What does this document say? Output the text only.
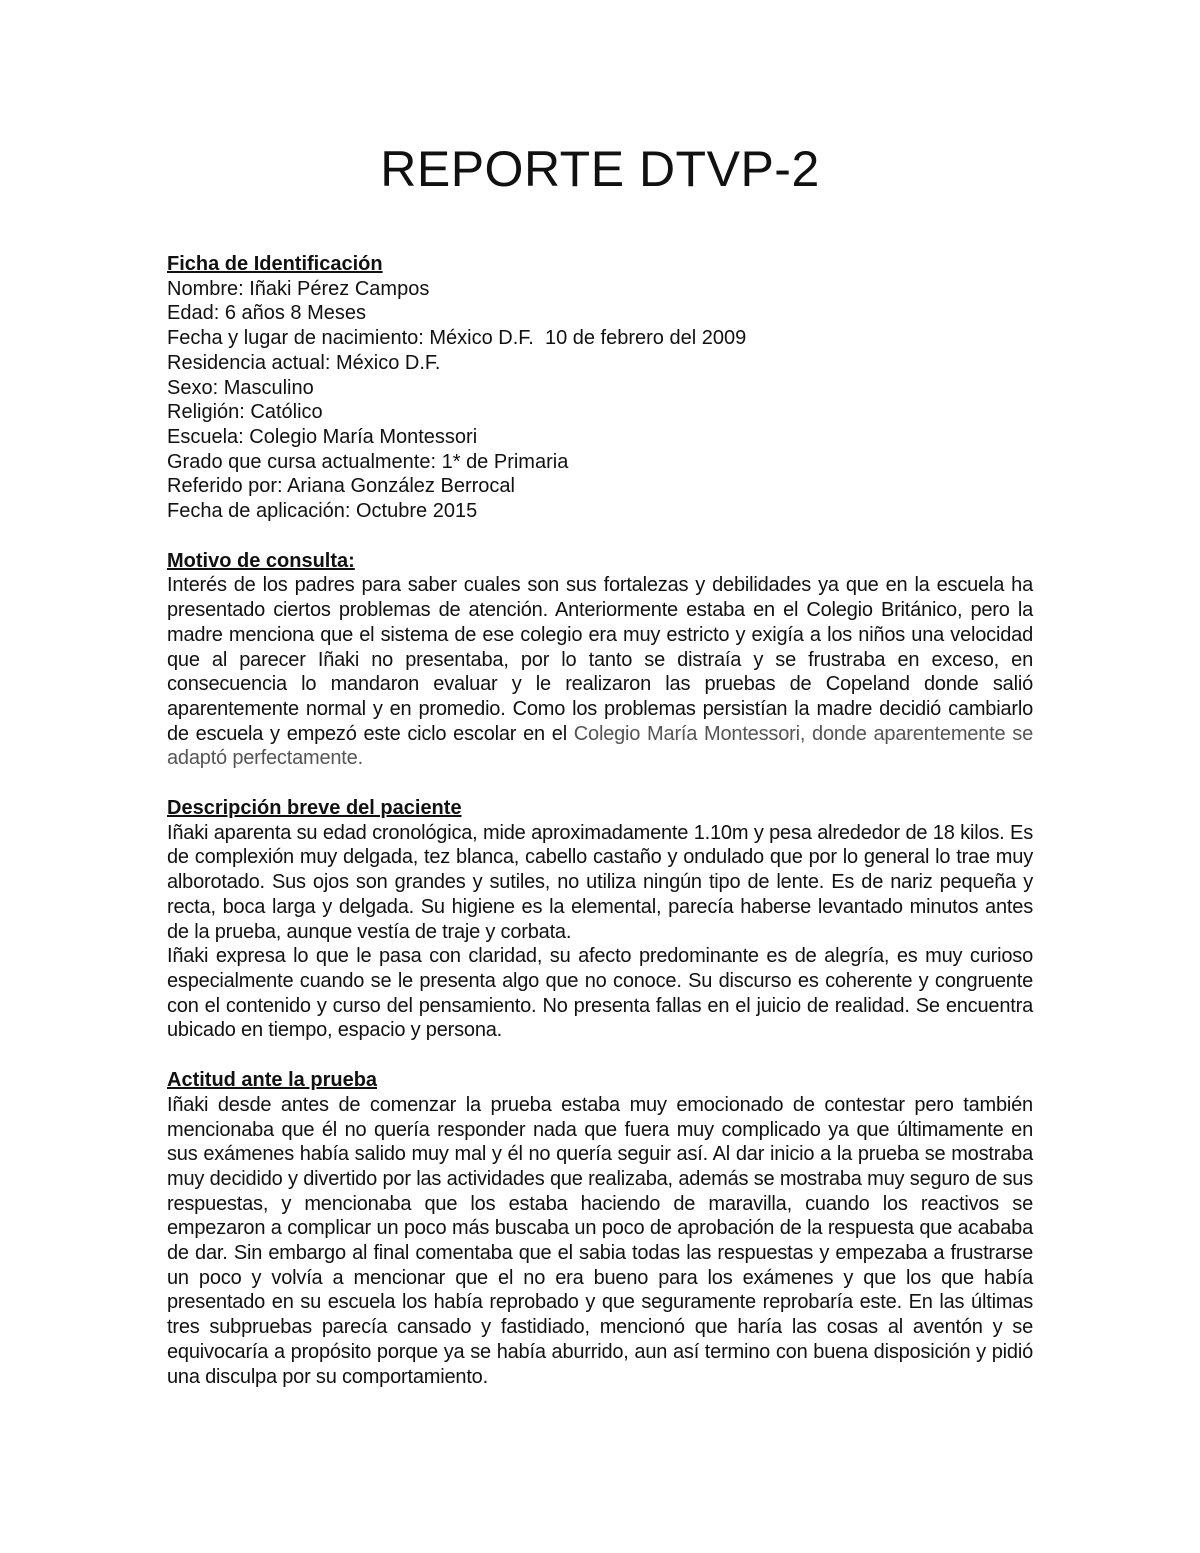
REPORTE DTVP-2
Ficha de Identificación
Nombre: Iñaki Pérez Campos
Edad: 6 años 8 Meses
Fecha y lugar de nacimiento: México D.F.  10 de febrero del 2009
Residencia actual: México D.F.
Sexo: Masculino
Religión: Católico
Escuela: Colegio María Montessori
Grado que cursa actualmente: 1* de Primaria
Referido por: Ariana González Berrocal
Fecha de aplicación: Octubre 2015
Motivo de consulta:

Interés de los padres para saber cuales son sus fortalezas y debilidades ya que en la escuela ha presentado ciertos problemas de atención. Anteriormente estaba en el Colegio Británico, pero la madre menciona que el sistema de ese colegio era muy estricto y exigía a los niños una velocidad que al parecer Iñaki no presentaba, por lo tanto se distraía y se frustraba en exceso, en consecuencia lo mandaron evaluar y le realizaron las pruebas de Copeland donde salió aparentemente normal y en promedio. Como los problemas persistían la madre decidió cambiarlo de escuela y empezó este ciclo escolar en el Colegio María Montessori, donde aparentemente se adaptó perfectamente.

Descripción breve del paciente

Iñaki aparenta su edad cronológica, mide aproximadamente 1.10m y pesa alrededor de 18 kilos. Es de complexión muy delgada, tez blanca, cabello castaño y ondulado que por lo general lo trae muy alborotado. Sus ojos son grandes y sutiles, no utiliza ningún tipo de lente. Es de nariz pequeña y recta, boca larga y delgada. Su higiene es la elemental, parecía haberse levantado minutos antes de la prueba, aunque vestía de traje y corbata.

Iñaki expresa lo que le pasa con claridad, su afecto predominante es de alegría, es muy curioso especialmente cuando se le presenta algo que no conoce. Su discurso es coherente y congruente con el contenido y curso del pensamiento. No presenta fallas en el juicio de realidad. Se encuentra ubicado en tiempo, espacio y persona.

Actitud ante la prueba

Iñaki desde antes de comenzar la prueba estaba muy emocionado de contestar pero también mencionaba que él no quería responder nada que fuera muy complicado ya que últimamente en sus exámenes había salido muy mal y él no quería seguir así. Al dar inicio a la prueba se mostraba muy decidido y divertido por las actividades que realizaba, además se mostraba muy seguro de sus respuestas, y mencionaba que los estaba haciendo de maravilla, cuando los reactivos se empezaron a complicar un poco más buscaba un poco de aprobación de la respuesta que acababa de dar. Sin embargo al final comentaba que el sabia todas las respuestas y empezaba a frustrarse un poco y volvía a mencionar que el no era bueno para los exámenes y que los que había presentado en su escuela los había reprobado y que seguramente reprobaría este. En las últimas tres subpruebas parecía cansado y fastidiado, mencionó que haría las cosas al aventón y se equivocaría a propósito porque ya se había aburrido, aun así termino con buena disposición y pidió una disculpa por su comportamiento.
